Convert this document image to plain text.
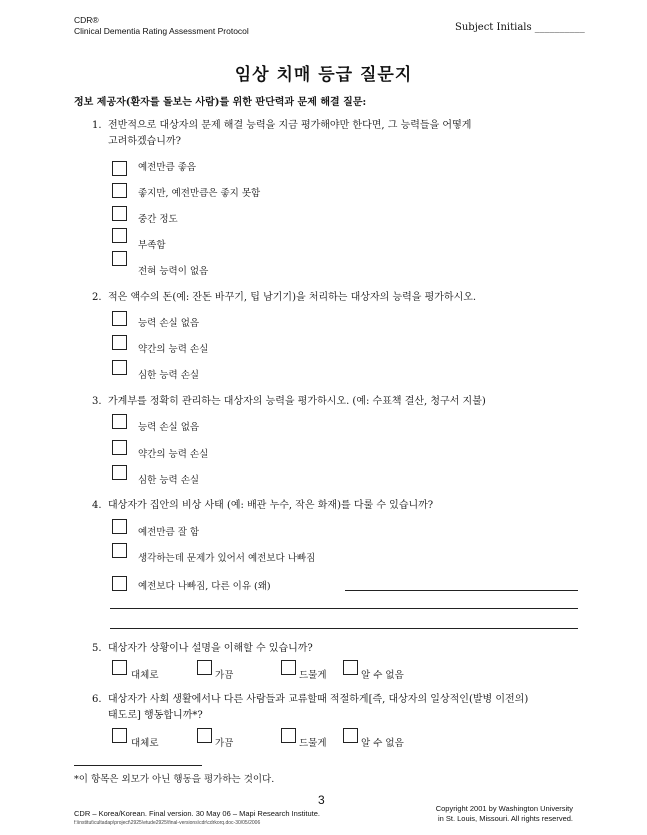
CDR®
Clinical Dementia Rating Assessment Protocol	Subject Initials __________
임상 치매 등급 질문지
정보 제공자(환자를 돌보는 사람)를 위한 판단력과 문제 해결 질문:
1. 전반적으로 대상자의 문제 해결 능력을 지금 평가해야만 한다면, 그 능력들을 어떻게
고려하겠습니까?
예전만큼 좋음
좋지만, 예전만큼은 좋지 못함
중간 정도
부족함
전혀 능력이 없음
2. 적은 액수의 돈(예: 잔돈 바꾸기, 팁 남기기)을 처리하는 대상자의 능력을 평가하시오.
능력 손실 없음
약간의 능력 손실
심한 능력 손실
3. 가계부를 정확히 관리하는 대상자의 능력을 평가하시오. (예: 수표책 결산, 청구서 지불)
능력 손실 없음
약간의 능력 손실
심한 능력 손실
4. 대상자가 집안의 비상 사태 (예: 배관 누수, 작은 화재)를 다룰 수 있습니까?
예전만큼 잘 함
생각하는데 문제가 있어서 예전보다 나빠짐
예전보다 나빠짐, 다른 이유 (왜)
5. 대상자가 상황이나 설명을 이해할 수 있습니까?
대체로	가끔	드물게	알 수 없음
6. 대상자가 사회 생활에서나 다른 사람들과 교류할때 적절하게[즉, 대상자의 일상적인(발병 이전의)
태도로] 행동합니까*?
대체로	가끔	드물게	알 수 없음
*이 항목은 외모가 아닌 행동을 평가하는 것이다.
3
CDR – Korea/Korean. Final version. 30 May 06 – Mapi Research Institute.
f:\institut\cultadap\project\2925\etude2925\final-versions\cdr\cdrkorq.doc-30/05/2006
Copyright 2001 by Washington University
in St. Louis, Missouri. All rights reserved.
